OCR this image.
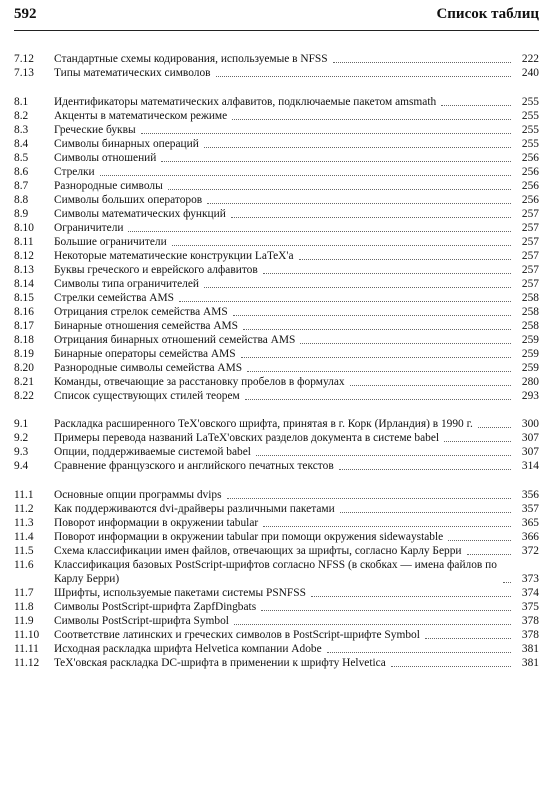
592	Список таблиц
7.12	Стандартные схемы кодирования, используемые в NFSS	222
7.13	Типы математических символов	240
8.1	Идентификаторы математических алфавитов, подключаемые пакетом amsmath	255
8.2	Акценты в математическом режиме	255
8.3	Греческие буквы	255
8.4	Символы бинарных операций	255
8.5	Символы отношений	256
8.6	Стрелки	256
8.7	Разнородные символы	256
8.8	Символы больших операторов	256
8.9	Символы математических функций	257
8.10	Ограничители	257
8.11	Большие ограничители	257
8.12	Некоторые математические конструкции LaTeX'а	257
8.13	Буквы греческого и еврейского алфавитов	257
8.14	Символы типа ограничителей	257
8.15	Стрелки семейства AMS	258
8.16	Отрицания стрелок семейства AMS	258
8.17	Бинарные отношения семейства AMS	258
8.18	Отрицания бинарных отношений семейства AMS	259
8.19	Бинарные операторы семейства AMS	259
8.20	Разнородные символы семейства AMS	259
8.21	Команды, отвечающие за расстановку пробелов в формулах	280
8.22	Список существующих стилей теорем	293
9.1	Раскладка расширенного TeX'овского шрифта, принятая в г. Корк (Ирландия) в 1990 г.	300
9.2	Примеры перевода названий LaTeX'овских разделов документа в системе babel	307
9.3	Опции, поддерживаемые системой babel	307
9.4	Сравнение французского и английского печатных текстов	314
11.1	Основные опции программы dvips	356
11.2	Как поддерживаются dvi-драйверы различными пакетами	357
11.3	Поворот информации в окружении tabular	365
11.4	Поворот информации в окружении tabular при помощи окружения sidewaystable	366
11.5	Схема классификации имен файлов, отвечающих за шрифты, согласно Карлу Берри	372
11.6	Классификация базовых PostScript-шрифтов согласно NFSS (в скобках — имена файлов по Карлу Берри)	373
11.7	Шрифты, используемые пакетами системы PSNFSS	374
11.8	Символы PostScript-шрифта ZapfDingbats	375
11.9	Символы PostScript-шрифта Symbol	378
11.10	Соответствие латинских и греческих символов в PostScript-шрифте Symbol	378
11.11	Исходная раскладка шрифта Helvetica компании Adobe	381
11.12	TeX'овская раскладка DC-шрифта в применении к шрифту Helvetica	381
